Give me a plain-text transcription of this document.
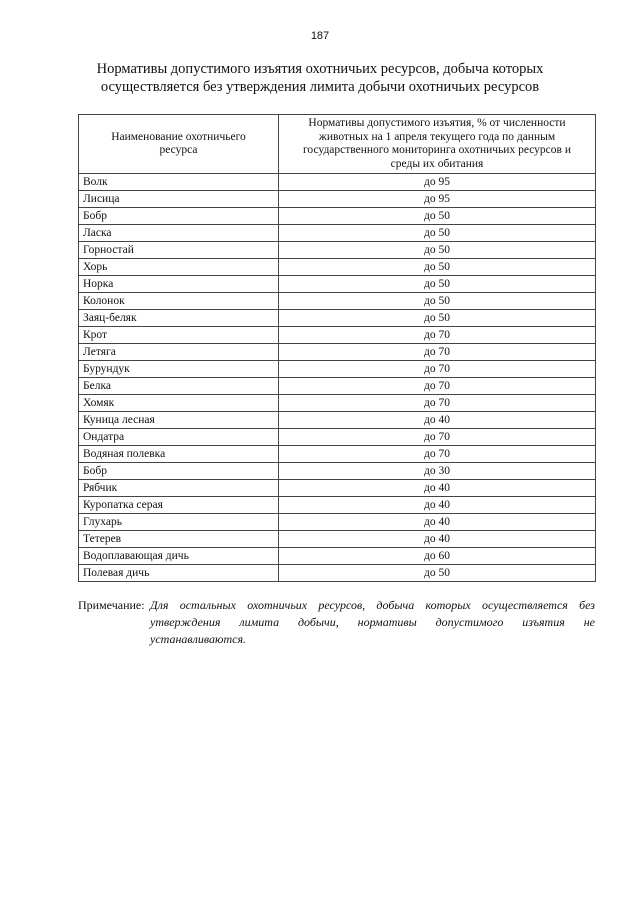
187
Нормативы допустимого изъятия охотничьих ресурсов, добыча которых
осуществляется без утверждения лимита добычи охотничьих ресурсов
Наименование охотничьего
ресурса	Нормативы допустимого изъятия, % от численности
животных на 1 апреля текущего года по данным
государственного мониторинга охотничьих ресурсов и
среды их обитания

Волк	до 95
Лисица	до 95
Бобр	до 50
Ласка	до 50
Горностай	до 50
Хорь	до 50
Норка	до 50
Колонок	до 50
Заяц-беляк	до 50
Крот	до 70
Летяга	до 70
Бурундук	до 70
Белка	до 70
Хомяк	до 70
Куница лесная	до 40
Ондатра	до 70
Водяная полевка	до 70
Бобр	до 30
Рябчик	до 40
Куропатка серая	до 40
Глухарь	до 40
Тетерев	до 40
Водоплавающая дичь	до 60
Полевая дичь	до 50
Примечание: Для остальных охотничьих ресурсов, добыча которых осуществляется без утверждения лимита добычи, нормативы допустимого изъятия не устанавливаются.
